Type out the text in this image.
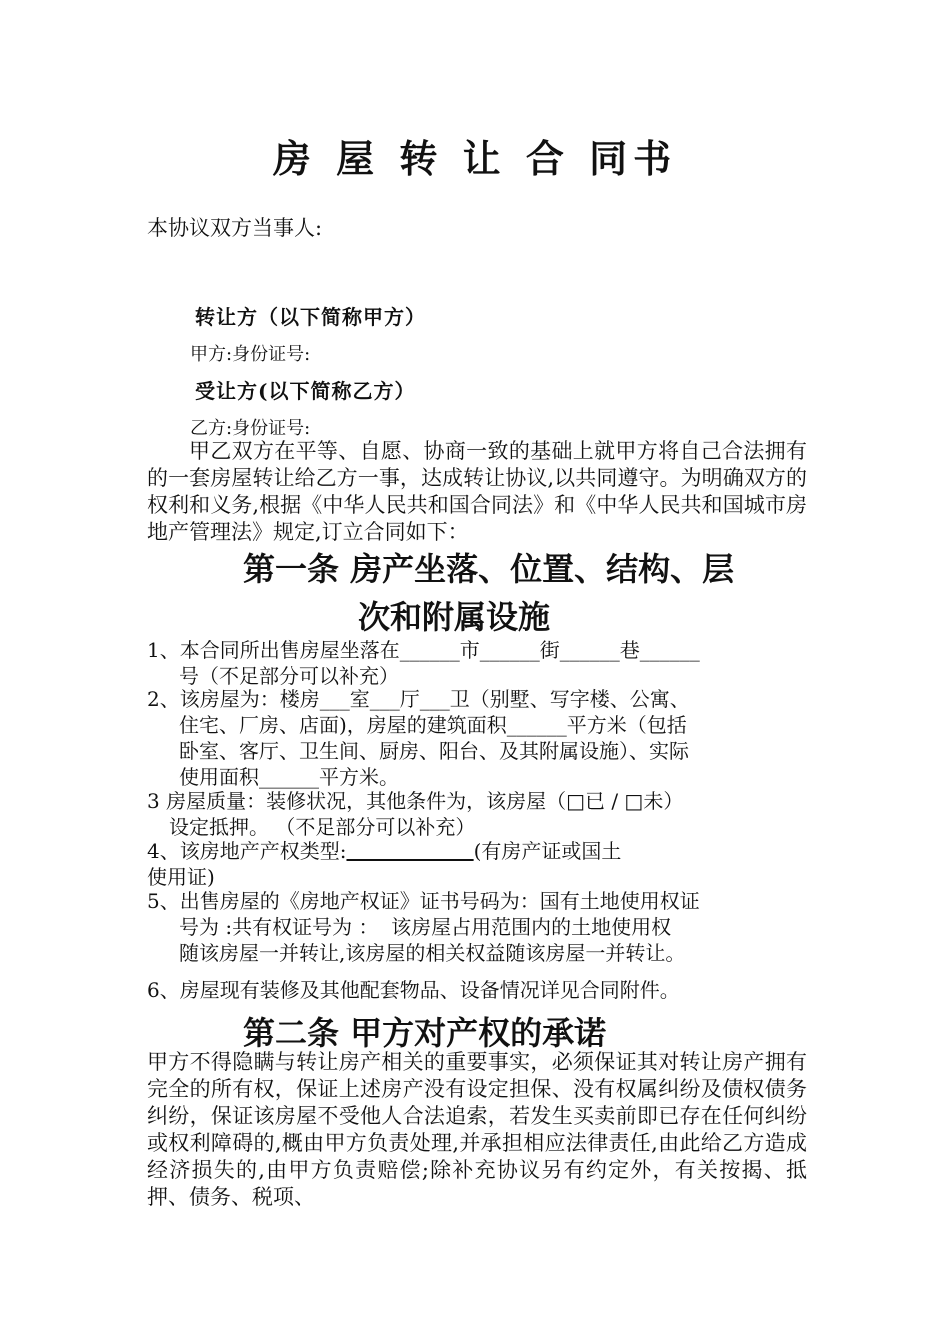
房 屋 转 让 合 同书
本协议双方当事人:
转让方（以下简称甲方）
甲方:身份证号:
受让方(以下简称乙方）
乙方:身份证号:
甲乙双方在平等、自愿、协商一致的基础上就甲方将自己合法拥有的一套房屋转让给乙方一事，达成转让协议,以共同遵守。为明确双方的权利和义务,根据《中华人民共和国合同法》和《中华人民共和国城市房地产管理法》规定,订立合同如下：
第一条 房产坐落、位置、结构、层
次和附属设施
1、本合同所出售房屋坐落在______市______街______巷______
号（不足部分可以补充）
2、该房屋为：楼房___室___厅___卫（别墅、写字楼、公寓、
住宅、厂房、店面)，房屋的建筑面积______平方米（包括
卧室、客厅、卫生间、厨房、阳台、及其附属设施）、实际
使用面积______平方米。
3 房屋质量：装修状况，其他条件为，该房屋（□已 / □未）
设定抵押。 （不足部分可以补充）
4、该房地产产权类型:	(有房产证或国土
使用证)
5、出售房屋的《房地产权证》证书号码为：国有土地使用权证
号为 :共有权证号为 ：  该房屋占用范围内的土地使用权
随该房屋一并转让,该房屋的相关权益随该房屋一并转让。
6、房屋现有装修及其他配套物品、设备情况详见合同附件。
第二条 甲方对产权的承诺
甲方不得隐瞒与转让房产相关的重要事实，必须保证其对转让房产拥有完全的所有权，保证上述房产没有设定担保、没有权属纠纷及债权债务纠纷，保证该房屋不受他人合法追索，若发生买卖前即已存在任何纠纷或权利障碍的,概由甲方负责处理,并承担相应法律责任,由此给乙方造成经济损失的,由甲方负责赔偿;除补充协议另有约定外，有关按揭、抵押、债务、税项、
